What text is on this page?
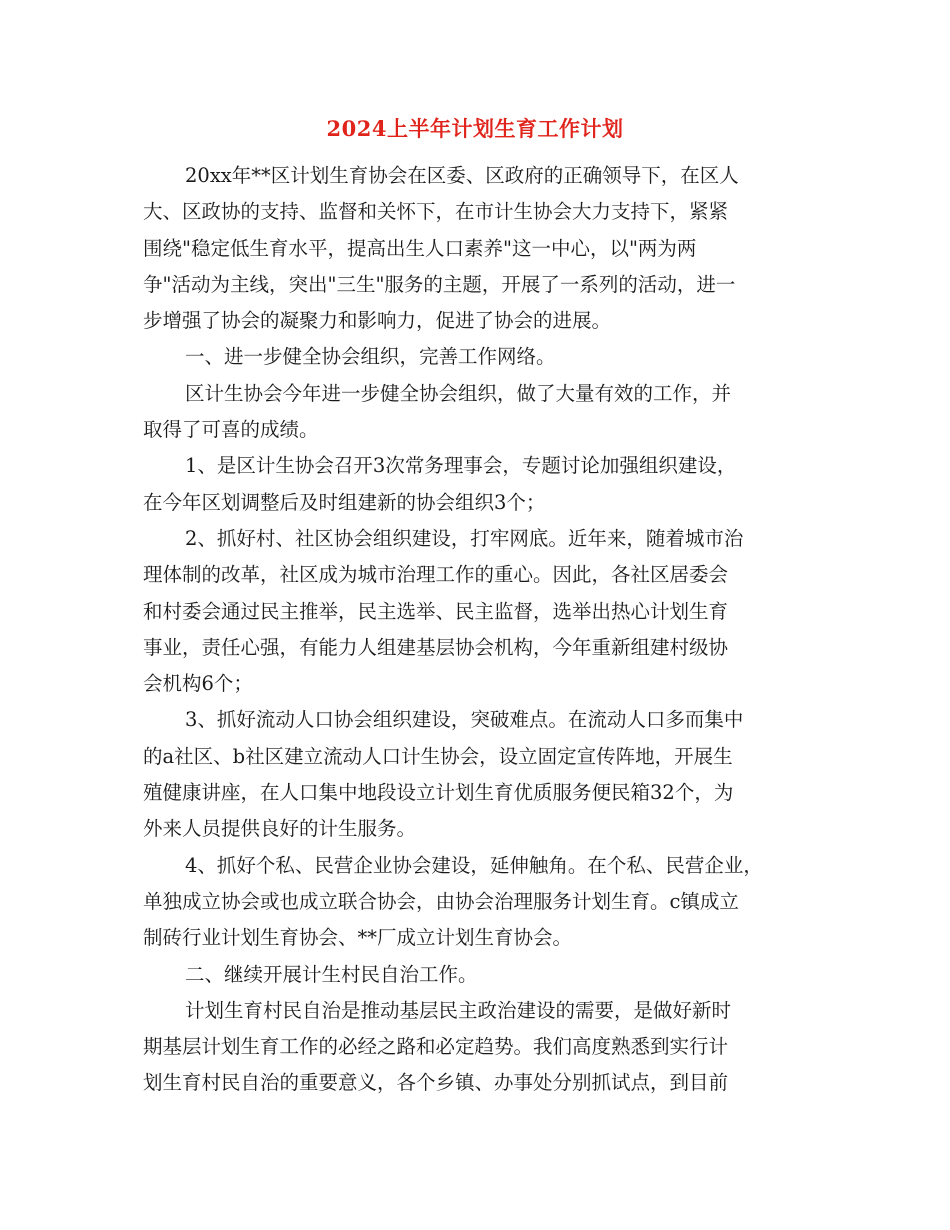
2024上半年计划生育工作计划
20xx年**区计划生育协会在区委、区政府的正确领导下，在区人
大、区政协的支持、监督和关怀下，在市计生协会大力支持下，紧紧
围绕"稳定低生育水平，提高出生人口素养"这一中心，以"两为两
争"活动为主线，突出"三生"服务的主题，开展了一系列的活动，进一
步增强了协会的凝聚力和影响力，促进了协会的进展。
一、进一步健全协会组织，完善工作网络。
区计生协会今年进一步健全协会组织，做了大量有效的工作，并
取得了可喜的成绩。
1、是区计生协会召开3次常务理事会，专题讨论加强组织建设，
在今年区划调整后及时组建新的协会组织3个；
2、抓好村、社区协会组织建设，打牢网底。近年来，随着城市治
理体制的改革，社区成为城市治理工作的重心。因此，各社区居委会
和村委会通过民主推举，民主选举、民主监督，选举出热心计划生育
事业，责任心强，有能力人组建基层协会机构，今年重新组建村级协
会机构6个；
3、抓好流动人口协会组织建设，突破难点。在流动人口多而集中
的a社区、b社区建立流动人口计生协会，设立固定宣传阵地，开展生
殖健康讲座，在人口集中地段设立计划生育优质服务便民箱32个，为
外来人员提供良好的计生服务。
4、抓好个私、民营企业协会建设，延伸触角。在个私、民营企业，
单独成立协会或也成立联合协会，由协会治理服务计划生育。c镇成立
制砖行业计划生育协会、**厂成立计划生育协会。
二、继续开展计生村民自治工作。
计划生育村民自治是推动基层民主政治建设的需要，是做好新时
期基层计划生育工作的必经之路和必定趋势。我们高度熟悉到实行计
划生育村民自治的重要意义，各个乡镇、办事处分别抓试点，到目前
